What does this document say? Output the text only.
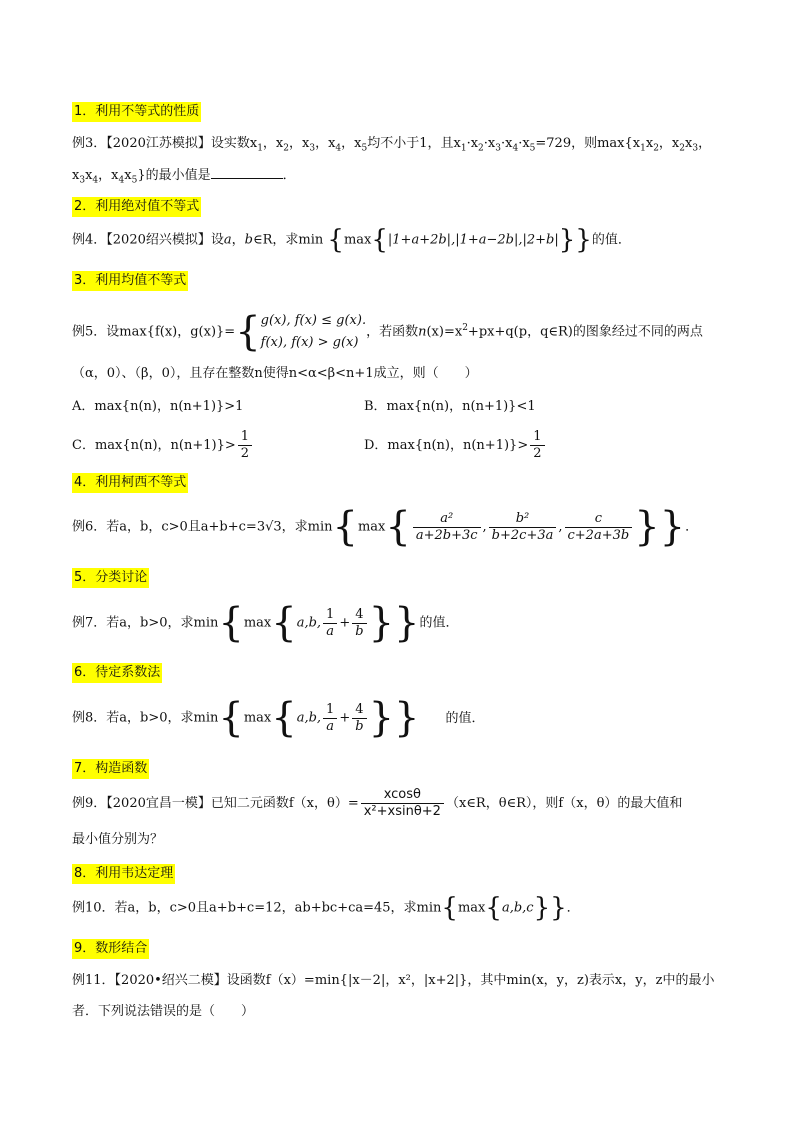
1．利用不等式的性质
例3．【2020江苏模拟】设实数$x_1$，$x_2$，$x_3$，$x_4$，$x_5$均不小于1，且$x_1\cdot x_2\cdot x_3\cdot x_4\cdot x_5=729$，则$\max\{x_1x_2$，$x_2x_3$，
$x_3x_4$，$x_4x_5$}的最小值是	．
2．利用绝对值不等式
例4．【2020绍兴模拟】设a，b∈R，求min {max{|1+a+2b|,|1+a−2b|,|2+b|}}的值．
3．利用均值不等式
例5．设max{f(x)，g(x)}={ g(x), f(x) ≤ g(x).
f(x), f(x) > g(x)
，若函数$n(x)=x^2+px+q(p$，q∈R)的图象经过不同的两点
（α，0）、（β，0），且存在整数n使得n<α<β<n+1成立，则（　　）
A．max{n(n)，n(n+1)}>1	B．max{n(n)，n(n+1)}<1
C．max{n(n)，$n(n+1)\}> \frac{1}{2}$	D．max{n(n)，$n(n+1)\}> \frac{1}{2}$
4．利用柯西不等式
例6．若a，b，c>0且a+b+c=3√3，求$\min\{\max\{ \frac{\text{a²}}{a+2b+3c}$ , $\frac{\text{b²}}{b+2c+3a}$ , $\frac{c}{c+2a+3b}$ }}．
5．分类讨论
例7．若a，b>0，求min{max{a,b, $\frac{1}{a} + \frac{4}{b}$ }}的值．
6．待定系数法
例8．若a，b>0，求min{max{a,b, $\frac{1}{a} + \frac{4}{b}$ }} 的值．
7．构造函数
例9．【2020宜昌一模】已知二元函数f（x，$\theta)= \frac{xcos\theta}{\text{x²+xsinθ+2}}$ （x∈R，θ∈R），则f（x，θ）的最大值和
最小值分别为？
8．利用韦达定理
例10．若a，b，c>0且a+b+c=12，ab+bc+ca=45，求min{max{a,b,c}}．
9．数形结合
例11．【2020•绍兴二模】设函数f（x）=min{|x－2|，x²，|x+2|}，其中min(x，y，z)表示x，y，z中的最小
者．下列说法错误的是（　　）
